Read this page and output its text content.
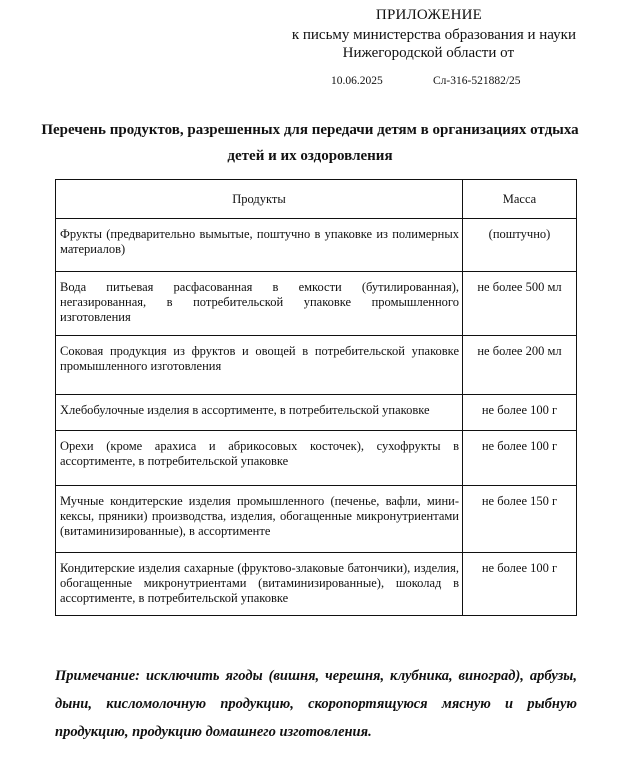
ПРИЛОЖЕНИЕ
к письму министерства образования и науки
Нижегородской области от
10.06.2025	Сл-316-521882/25
Перечень продуктов, разрешенных для передачи детям в организациях отдыха детей и их оздоровления
Продукты	Масса
Фрукты (предварительно вымытые, поштучно в упаковке из полимерных материалов)	(поштучно)
Вода питьевая расфасованная в емкости (бутилированная), негазированная, в потребительской упаковке промышленного изготовления	не более 500 мл
Соковая продукция из фруктов и овощей в потребительской упаковке промышленного изготовления	не более 200 мл
Хлебобулочные изделия в ассортименте, в потребительской упаковке	не более 100 г
Орехи (кроме арахиса и абрикосовых косточек), сухофрукты в ассортименте, в потребительской упаковке	не более 100 г
Мучные кондитерские изделия промышленного (печенье, вафли, мини-кексы, пряники) производства, изделия, обогащенные микронутриентами (витаминизированные), в ассортименте	не более 150 г
Кондитерские изделия сахарные (фруктово-злаковые батончики), изделия, обогащенные микронутриентами (витаминизированные), шоколад в ассортименте, в потребительской упаковке	не более 100 г
Примечание: исключить ягоды (вишня, черешня, клубника, виноград), арбузы, дыни, кисломолочную продукцию, скоропортящуюся мясную и рыбную продукцию, продукцию домашнего изготовления.
